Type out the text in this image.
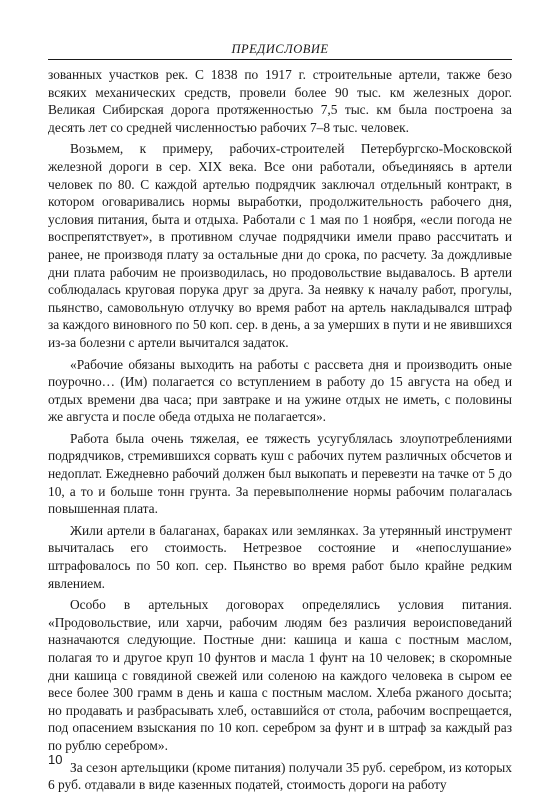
ПРЕДИСЛОВИЕ

зованных участков рек. С 1838 по 1917 г. строительные артели, также безо всяких механических средств, провели более 90 тыс. км железных дорог. Великая Сибирская дорога протяженностью 7,5 тыс. км была построена за десять лет со средней численностью рабочих 7–8 тыс. человек.

Возьмем, к примеру, рабочих-строителей Петербургско-Московской железной дороги в сер. XIX века. Все они работали, объединяясь в артели человек по 80. С каждой артелью подрядчик заключал отдельный контракт, в котором оговаривались нормы выработки, продолжительность рабочего дня, условия питания, быта и отдыха. Работали с 1 мая по 1 ноября, «если погода не воспрепятствует», в противном случае подрядчики имели право рассчитать и ранее, не производя плату за остальные дни до срока, по расчету. За дождливые дни плата рабочим не производилась, но продовольствие выдавалось. В артели соблюдалась круговая порука друг за друга. За неявку к началу работ, прогулы, пьянство, самовольную отлучку во время работ на артель накладывался штраф за каждого виновного по 50 коп. сер. в день, а за умерших в пути и не явившихся из-за болезни с артели вычитался задаток.

«Рабочие обязаны выходить на работы с рассвета дня и производить оные поурочно… (Им) полагается со вступлением в работу до 15 августа на обед и отдых времени два часа; при завтраке и на ужине отдых не иметь, с половины же августа и после обеда отдыха не полагается».

Работа была очень тяжелая, ее тяжесть усугублялась злоупотреблениями подрядчиков, стремившихся сорвать куш с рабочих путем различных обсчетов и недоплат. Ежедневно рабочий должен был выкопать и перевезти на тачке от 5 до 10, а то и больше тонн грунта. За перевыполнение нормы рабочим полагалась повышенная плата.

Жили артели в балаганах, бараках или землянках. За утерянный инструмент вычиталась его стоимость. Нетрезвое состояние и «непослушание» штрафовалось по 50 коп. сер. Пьянство во время работ было крайне редким явлением.

Особо в артельных договорах определялись условия питания. «Продовольствие, или харчи, рабочим людям без различия вероисповеданий назначаются следующие. Постные дни: кашица и каша с постным маслом, полагая то и другое круп 10 фунтов и масла 1 фунт на 10 человек; в скоромные дни кашица с говядиной свежей или соленою на каждого человека в сыром ее весе более 300 грамм в день и каша с постным маслом. Хлеба ржаного досыта; но продавать и разбрасывать хлеб, оставшийся от стола, рабочим воспрещается, под опасением взыскания по 10 коп. серебром за фунт и в штраф за каждый раз по рублю серебром».

За сезон артельщики (кроме питания) получали 35 руб. серебром, из которых 6 руб. отдавали в виде казенных податей, стоимость дороги на работу

10
